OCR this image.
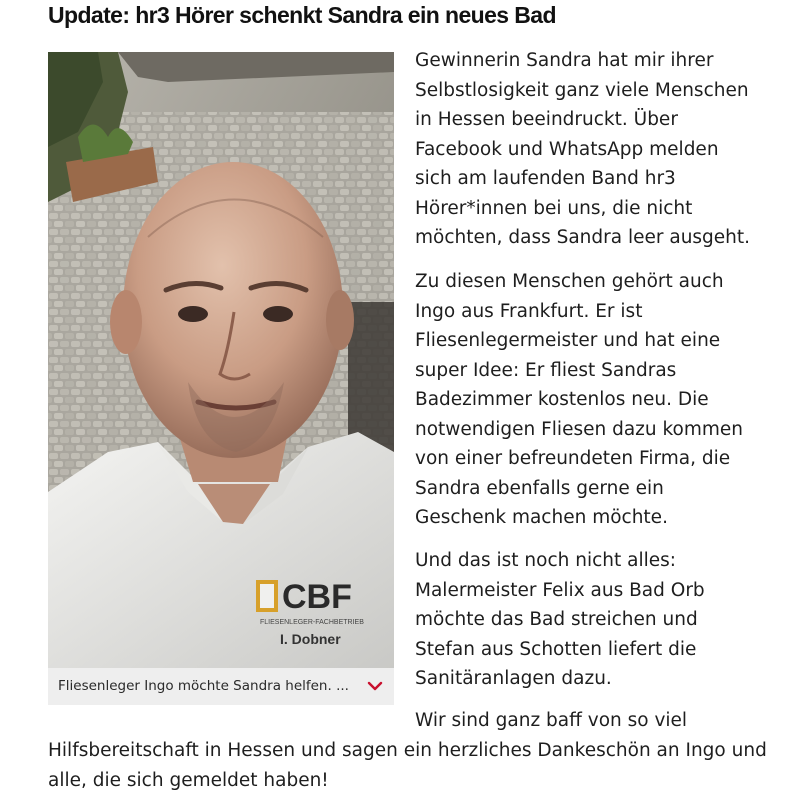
Update: hr3 Hörer schenkt Sandra ein neues Bad
CBF
FLIESENLEGER-FACHBETRIEB
I. Dobner
Fliesenleger Ingo möchte Sandra helfen. ...

Gewinnerin Sandra hat mir ihrer
Selbstlosigkeit ganz viele Menschen
in Hessen beeindruckt. Über
Facebook und WhatsApp melden
sich am laufenden Band hr3
Hörer*innen bei uns, die nicht
möchten, dass Sandra leer ausgeht.

Zu diesen Menschen gehört auch
Ingo aus Frankfurt. Er ist
Fliesenlegermeister und hat eine
super Idee: Er fliest Sandras
Badezimmer kostenlos neu. Die
notwendigen Fliesen dazu kommen
von einer befreundeten Firma, die
Sandra ebenfalls gerne ein
Geschenk machen möchte.

Und das ist noch nicht alles:
Malermeister Felix aus Bad Orb
möchte das Bad streichen und
Stefan aus Schotten liefert die
Sanitäranlagen dazu.

Wir sind ganz baff von so viel

Hilfsbereitschaft in Hessen und sagen ein herzliches Dankeschön an Ingo und
alle, die sich gemeldet haben!
